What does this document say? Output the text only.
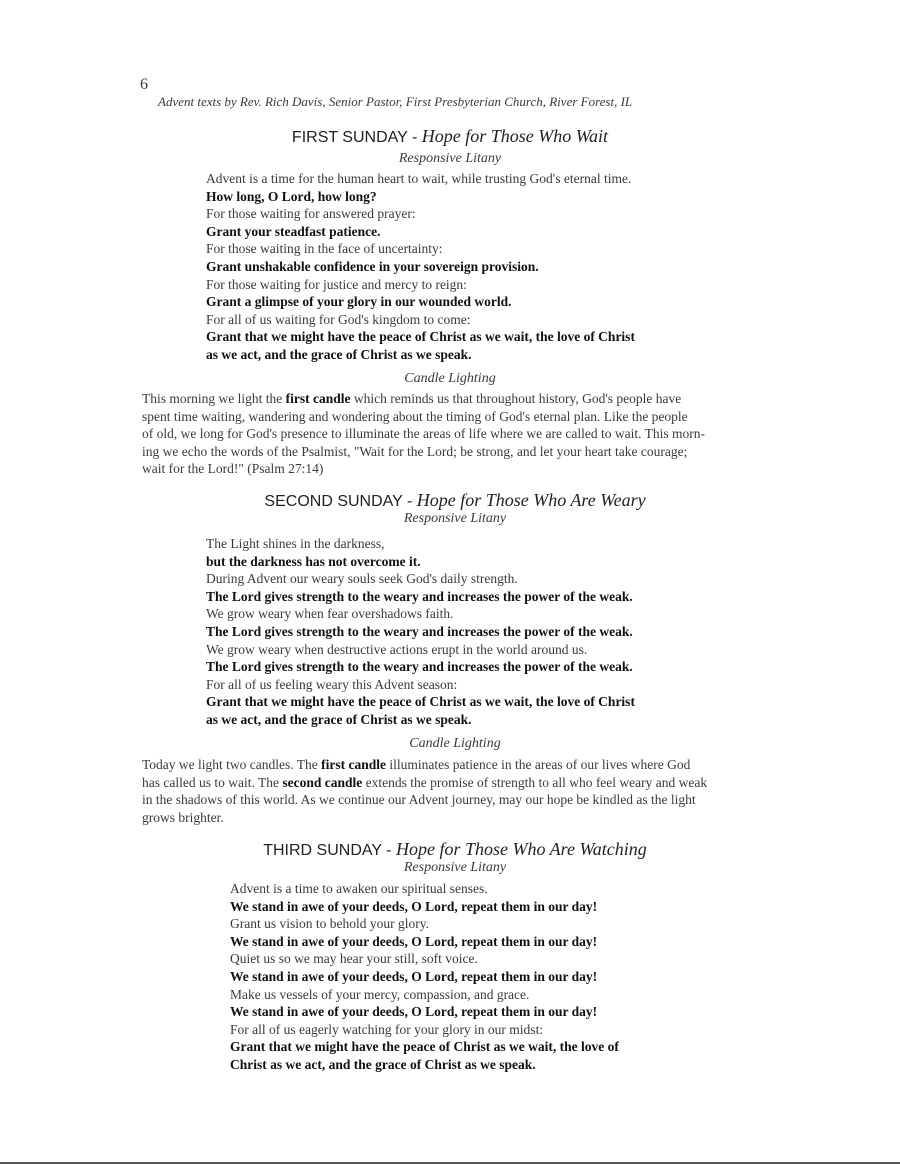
6
Advent texts by Rev. Rich Davis, Senior Pastor, First Presbyterian Church, River Forest, IL
FIRST SUNDAY - Hope for Those Who Wait
Responsive Litany
Advent is a time for the human heart to wait, while trusting God's eternal time.
How long, O Lord, how long?
For those waiting for answered prayer:
Grant your steadfast patience.
For those waiting in the face of uncertainty:
Grant unshakable confidence in your sovereign provision.
For those waiting for justice and mercy to reign:
Grant a glimpse of your glory in our wounded world.
For all of us waiting for God's kingdom to come:
Grant that we might have the peace of Christ as we wait, the love of Christ
as we act, and the grace of Christ as we speak.
Candle Lighting
This morning we light the first candle which reminds us that throughout history, God's people have
spent time waiting, wandering and wondering about the timing of God's eternal plan. Like the people
of old, we long for God's presence to illuminate the areas of life where we are called to wait. This morn-
ing we echo the words of the Psalmist, "Wait for the Lord; be strong, and let your heart take courage;
wait for the Lord!" (Psalm 27:14)
SECOND SUNDAY - Hope for Those Who Are Weary
Responsive Litany
The Light shines in the darkness,
but the darkness has not overcome it.
During Advent our weary souls seek God's daily strength.
The Lord gives strength to the weary and increases the power of the weak.
We grow weary when fear overshadows faith.
The Lord gives strength to the weary and increases the power of the weak.
We grow weary when destructive actions erupt in the world around us.
The Lord gives strength to the weary and increases the power of the weak.
For all of us feeling weary this Advent season:
Grant that we might have the peace of Christ as we wait, the love of Christ
as we act, and the grace of Christ as we speak.
Candle Lighting
Today we light two candles. The first candle illuminates patience in the areas of our lives where God
has called us to wait. The second candle extends the promise of strength to all who feel weary and weak
in the shadows of this world. As we continue our Advent journey, may our hope be kindled as the light
grows brighter.
THIRD SUNDAY - Hope for Those Who Are Watching
Responsive Litany
Advent is a time to awaken our spiritual senses.
We stand in awe of your deeds, O Lord, repeat them in our day!
Grant us vision to behold your glory.
We stand in awe of your deeds, O Lord, repeat them in our day!
Quiet us so we may hear your still, soft voice.
We stand in awe of your deeds, O Lord, repeat them in our day!
Make us vessels of your mercy, compassion, and grace.
We stand in awe of your deeds, O Lord, repeat them in our day!
For all of us eagerly watching for your glory in our midst:
Grant that we might have the peace of Christ as we wait, the love of
Christ as we act, and the grace of Christ as we speak.
